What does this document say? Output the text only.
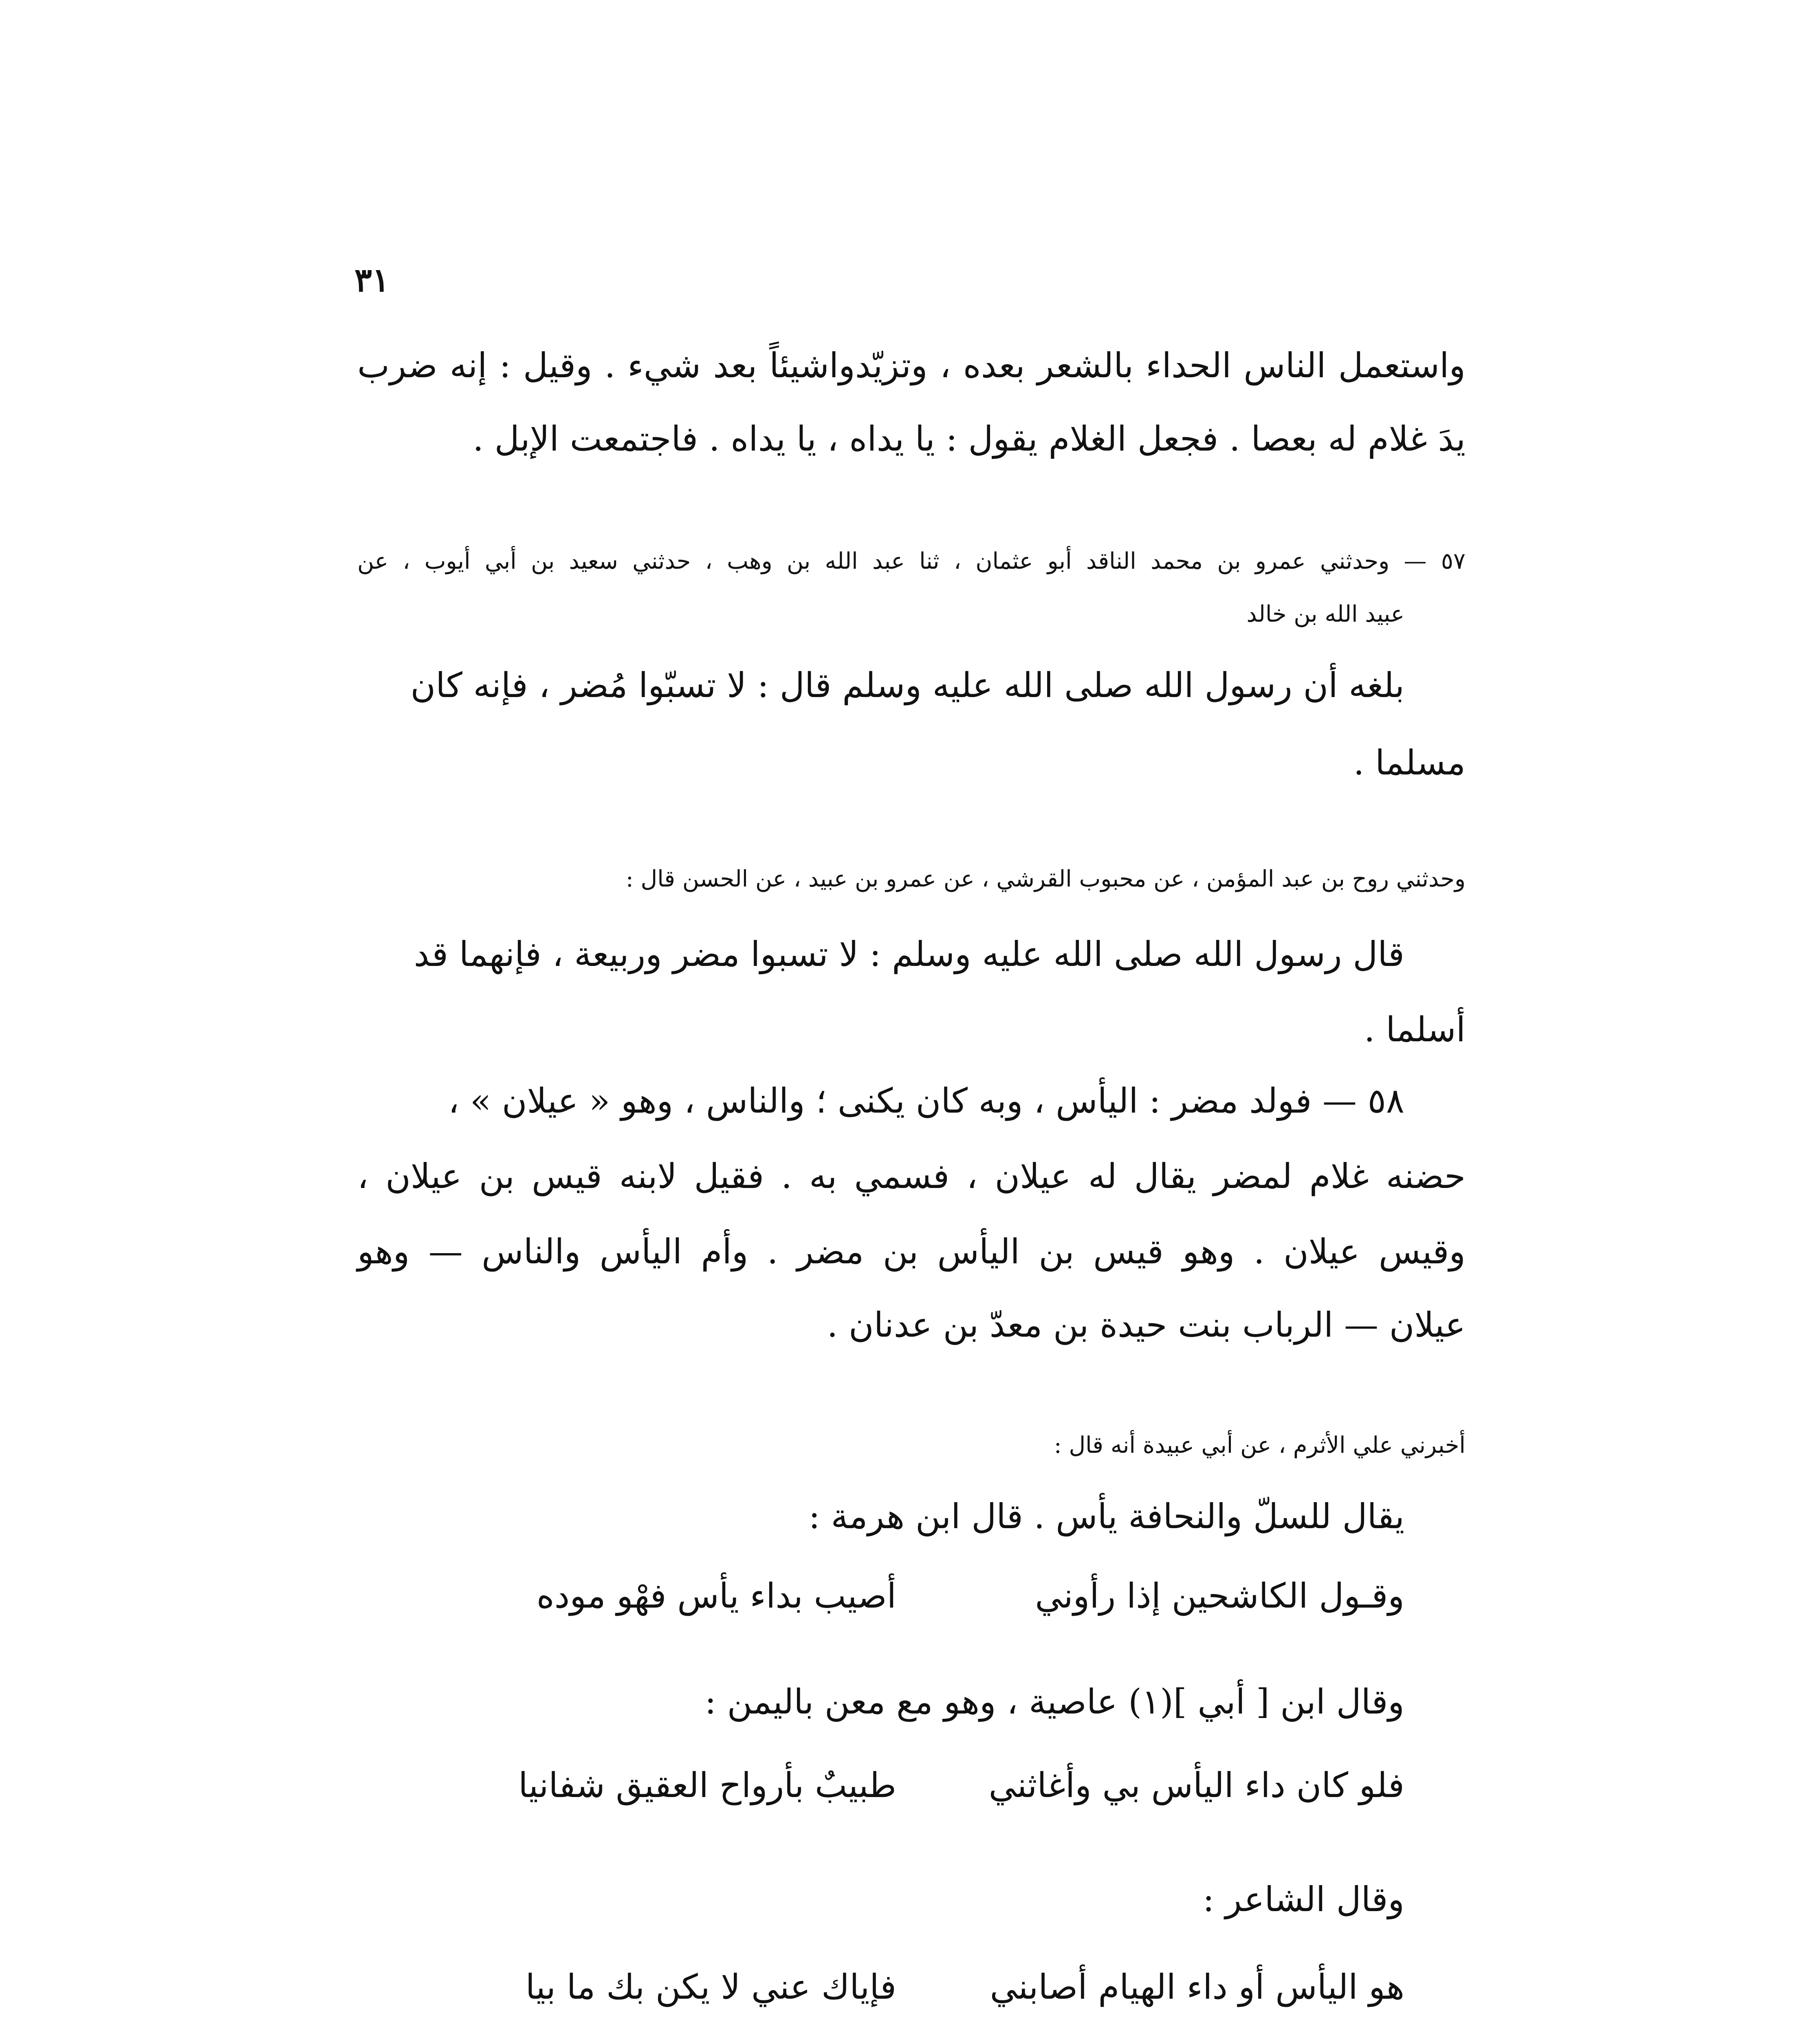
٣١
واستعمل الناس الحداء بالشعر بعده ، وتزيّدواشيئاً بعد شيء . وقيل : إنه ضرب
يدَ غلام له بعصا . فجعل الغلام يقول : يا يداه ، يا يداه . فاجتمعت الإبل .
٥٧ — وحدثني عمرو بن محمد الناقد أبو عثمان ، ثنا عبد الله بن وهب ، حدثني سعيد بن أبي أيوب ، عن
عبيد الله بن خالد
بلغه أن رسول الله صلى الله عليه وسلم قال : لا تسبّوا مُضر ، فإنه كان
مسلما .
وحدثني روح بن عبد المؤمن ، عن محبوب القرشي ، عن عمرو بن عبيد ، عن الحسن قال :
قال رسول الله صلى الله عليه وسلم : لا تسبوا مضر وربيعة ، فإنهما قد
أسلما .
٥٨ — فولد مضر : اليأس ، وبه كان يكنى ؛ والناس ، وهو « عيلان » ،
حضنه غلام لمضر يقال له عيلان ، فسمي به . فقيل لابنه قيس بن عيلان ،
وقيس عيلان . وهو قيس بن اليأس بن مضر . وأم اليأس والناس — وهو
عيلان — الرباب بنت حيدة بن معدّ بن عدنان .
أخبرني علي الأثرم ، عن أبي عبيدة أنه قال :
يقال للسلّ والنحافة يأس . قال ابن هرمة :
وقـول الكاشحين إذا رأوني
أصيب بداء يأس فهْو موده
وقال ابن [ أبي ](١) عاصية ، وهو مع معن باليمن :
فلو كان داء اليأس بي وأغاثني
طبيبٌ بأرواح العقيق شفانيا
وقال الشاعر :
هو اليأس أو داء الهيام أصابني
فإياك عني لا يكن بك ما بيا
